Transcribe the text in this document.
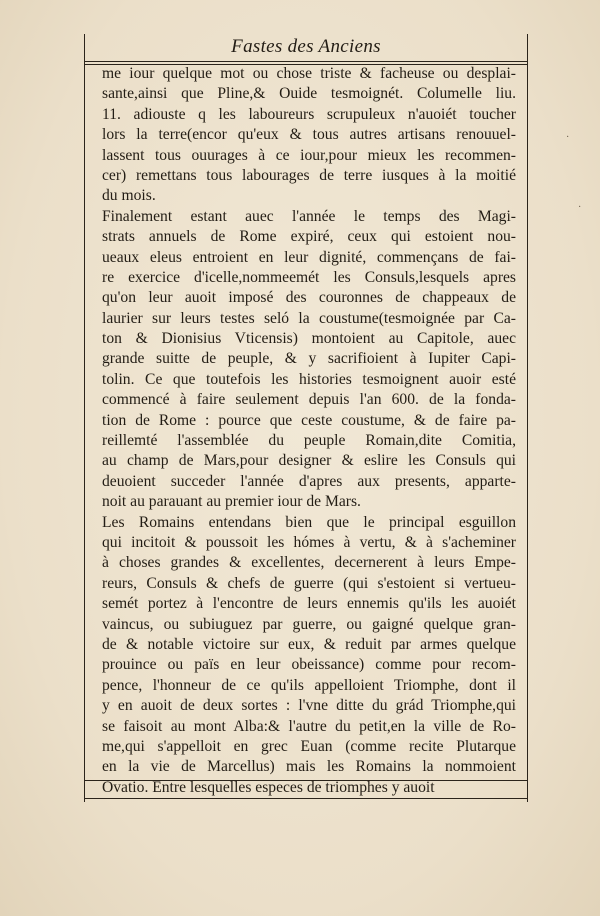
Fastes des Anciens
me iour quelque mot ou chose triste & facheuse ou desplai-
sante,ainsi que Pline,& Ouide tesmoignét. Columelle liu.
11. adiouste q les laboureurs scrupuleux n'auoiét toucher
lors la terre(encor qu'eux & tous autres artisans renouuel-
lassent tous ouurages à ce iour,pour mieux les recommen-
cer) remettans tous labourages de terre iusques à la moitié
du mois.
Finalement estant auec l'année le temps des Magi-
strats annuels de Rome expiré, ceux qui estoient nou-
ueaux eleus entroient en leur dignité, commençans de fai-
re exercice d'icelle,nommeemét les Consuls,lesquels apres
qu'on leur auoit imposé des couronnes de chappeaux de
laurier sur leurs testes seló la coustume(tesmoignée par Ca-
ton & Dionisius Vticensis) montoient au Capitole, auec
grande suitte de peuple, & y sacrifioient à Iupiter Capi-
tolin. Ce que toutefois les histories tesmoignent auoir esté
commencé à faire seulement depuis l'an 600. de la fonda-
tion de Rome : pource que ceste coustume, & de faire pa-
reillemté l'assemblée du peuple Romain,dite Comitia,
au champ de Mars,pour designer & eslire les Consuls qui
deuoient succeder l'année d'apres aux presents, apparte-
noit au parauant au premier iour de Mars.
Les Romains entendans bien que le principal esguillon
qui incitoit & poussoit les hómes à vertu, & à s'acheminer
à choses grandes & excellentes, decernerent à leurs Empe-
reurs, Consuls & chefs de guerre (qui s'estoient si vertueu-
semét portez à l'encontre de leurs ennemis qu'ils les auoiét
vaincus, ou subiuguez par guerre, ou gaigné quelque gran-
de & notable victoire sur eux, & reduit par armes quelque
prouince ou païs en leur obeissance) comme pour recom-
pence, l'honneur de ce qu'ils appelloient Triomphe, dont il
y en auoit de deux sortes : l'vne ditte du grád Triomphe,qui
se faisoit au mont Alba:& l'autre du petit,en la ville de Ro-
me,qui s'appelloit en grec Euan (comme recite Plutarque
en la vie de Marcellus) mais les Romains la nommoient
Ovatio. Entre lesquelles especes de triomphes y auoit
·
·
